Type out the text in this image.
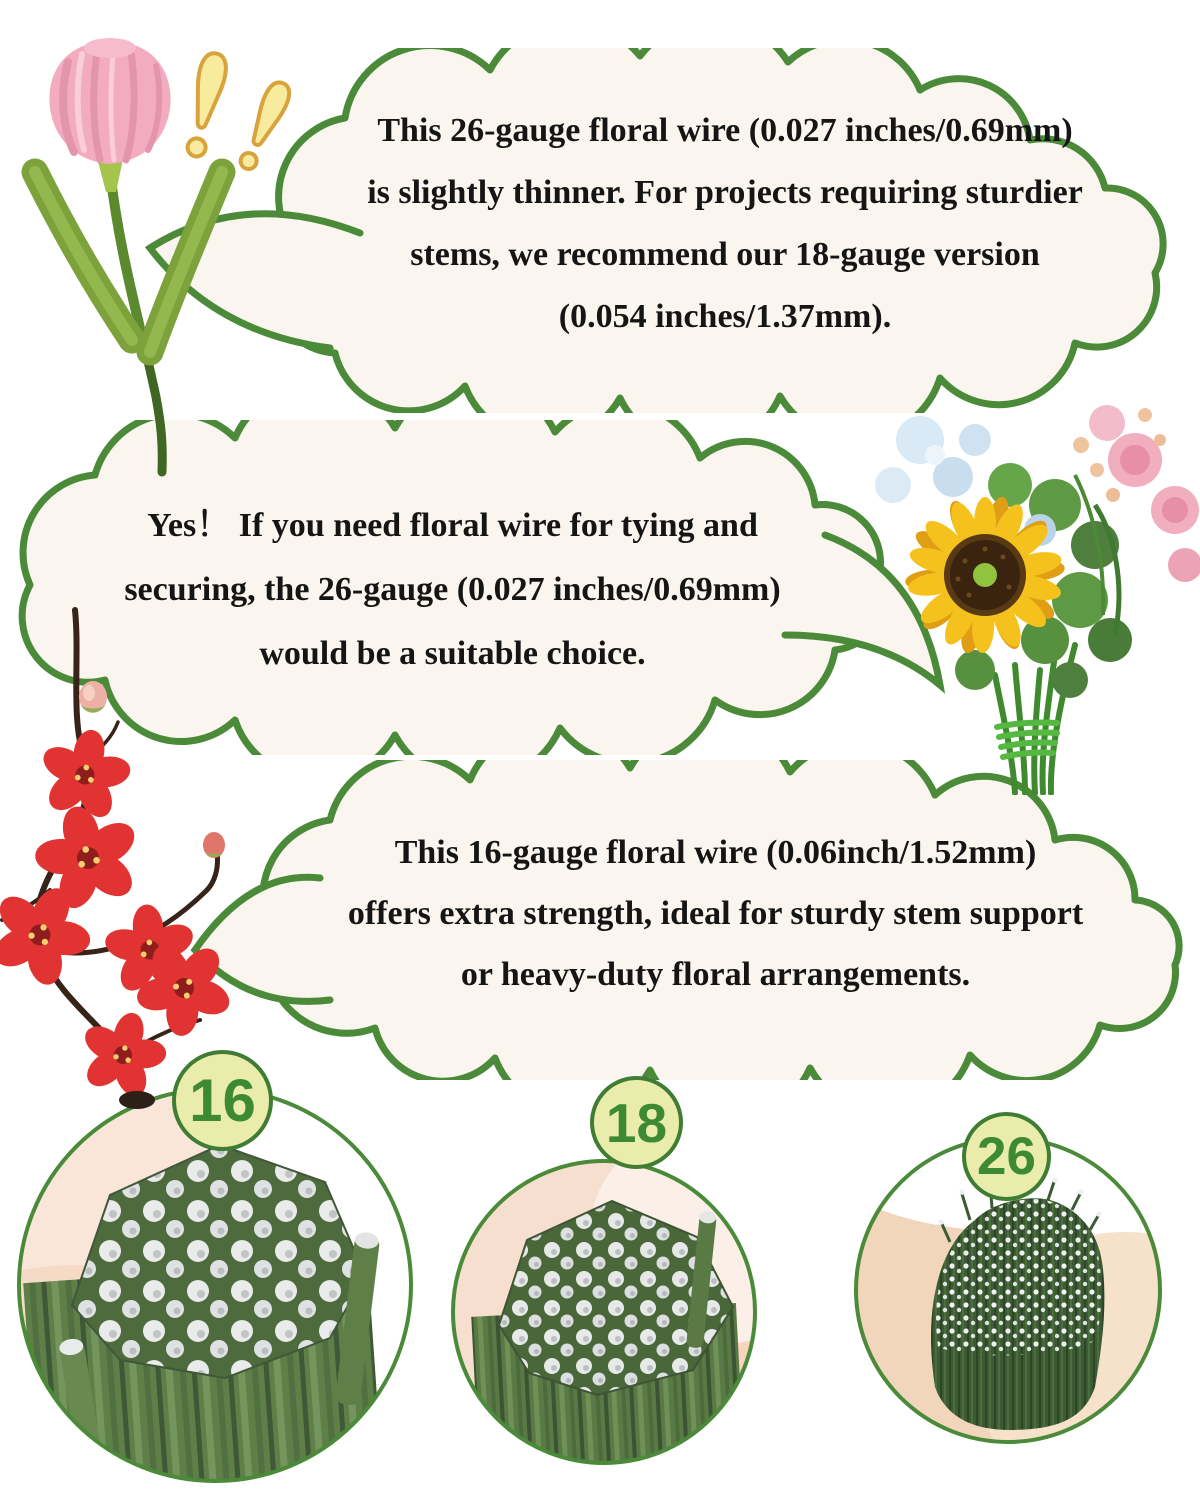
This 26-gauge floral wire (0.027 inches/0.69mm)
is slightly thinner. For projects requiring sturdier
stems, we recommend our 18-gauge version
(0.054 inches/1.37mm).
Yes！ If you need floral wire for tying and
securing, the 26-gauge (0.027 inches/0.69mm)
would be a suitable choice.
This 16-gauge floral wire (0.06inch/1.52mm)
offers extra strength, ideal for sturdy stem support
or heavy-duty floral arrangements.
16	18
26
